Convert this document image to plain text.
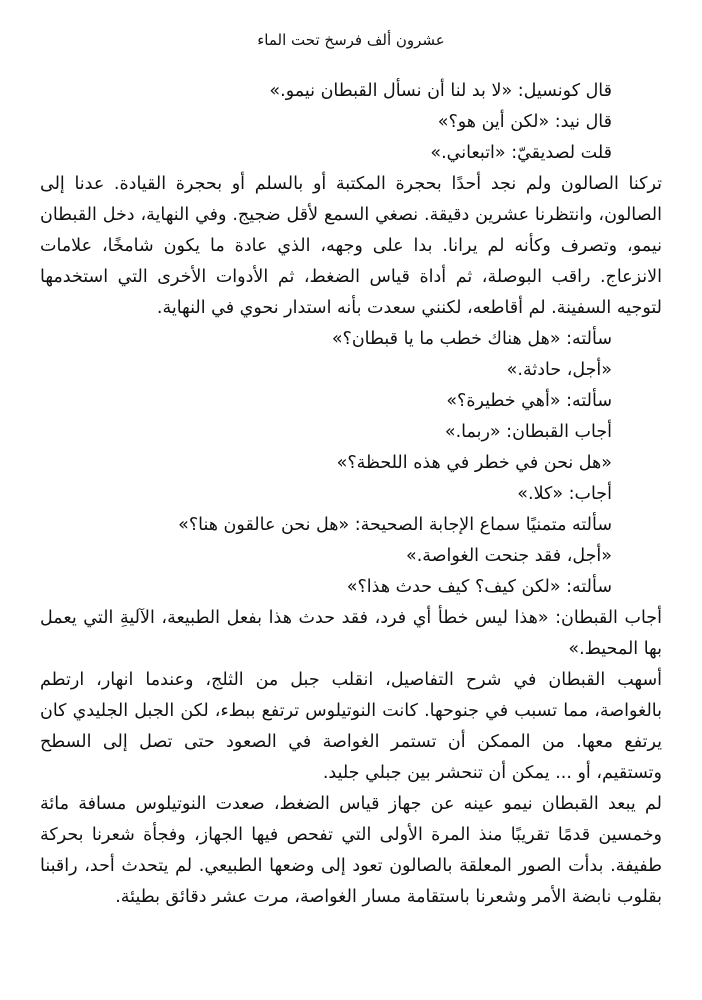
عشرون ألف فرسخ تحت الماء

قال كونسيل: «لا بد لنا أن نسأل القبطان نيمو.»

قال نيد: «لكن أين هو؟»

قلت لصديقيّ: «اتبعاني.»

تركنا الصالون ولم نجد أحدًا بحجرة المكتبة أو بالسلم أو بحجرة القيادة. عدنا إلى الصالون، وانتظرنا عشرين دقيقة. نصغي السمع لأقل ضجيج. وفي النهاية، دخل القبطان نيمو، وتصرف وكأنه لم يرانا. بدا على وجهه، الذي عادة ما يكون شامخًا، علامات الانزعاج. راقب البوصلة، ثم أداة قياس الضغط، ثم الأدوات الأخرى التي استخدمها لتوجيه السفينة. لم أقاطعه، لكنني سعدت بأنه استدار نحوي في النهاية.

سألته: «هل هناك خطب ما يا قبطان؟»

«أجل، حادثة.»

سألته: «أهي خطيرة؟»

أجاب القبطان: «ربما.»

«هل نحن في خطر في هذه اللحظة؟»

أجاب: «كلا.»

سألته متمنيًا سماع الإجابة الصحيحة: «هل نحن عالقون هنا؟»

«أجل، فقد جنحت الغواصة.»

سألته: «لكن كيف؟ كيف حدث هذا؟»

أجاب القبطان: «هذا ليس خطأ أي فرد، فقد حدث هذا بفعل الطبيعة، الآليةِ التي يعمل بها المحيط.»

أسهب القبطان في شرح التفاصيل، انقلب جبل من الثلج، وعندما انهار، ارتطم بالغواصة، مما تسبب في جنوحها. كانت النوتيلوس ترتفع ببطء، لكن الجبل الجليدي كان يرتفع معها. من الممكن أن تستمر الغواصة في الصعود حتى تصل إلى السطح وتستقيم، أو ... يمكن أن تنحشر بين جبلي جليد.

لم يبعد القبطان نيمو عينه عن جهاز قياس الضغط، صعدت النوتيلوس مسافة مائة وخمسين قدمًا تقريبًا منذ المرة الأولى التي تفحص فيها الجهاز، وفجأة شعرنا بحركة طفيفة. بدأت الصور المعلقة بالصالون تعود إلى وضعها الطبيعي. لم يتحدث أحد، راقبنا بقلوب نابضة الأمر وشعرنا باستقامة مسار الغواصة، مرت عشر دقائق بطيئة.
